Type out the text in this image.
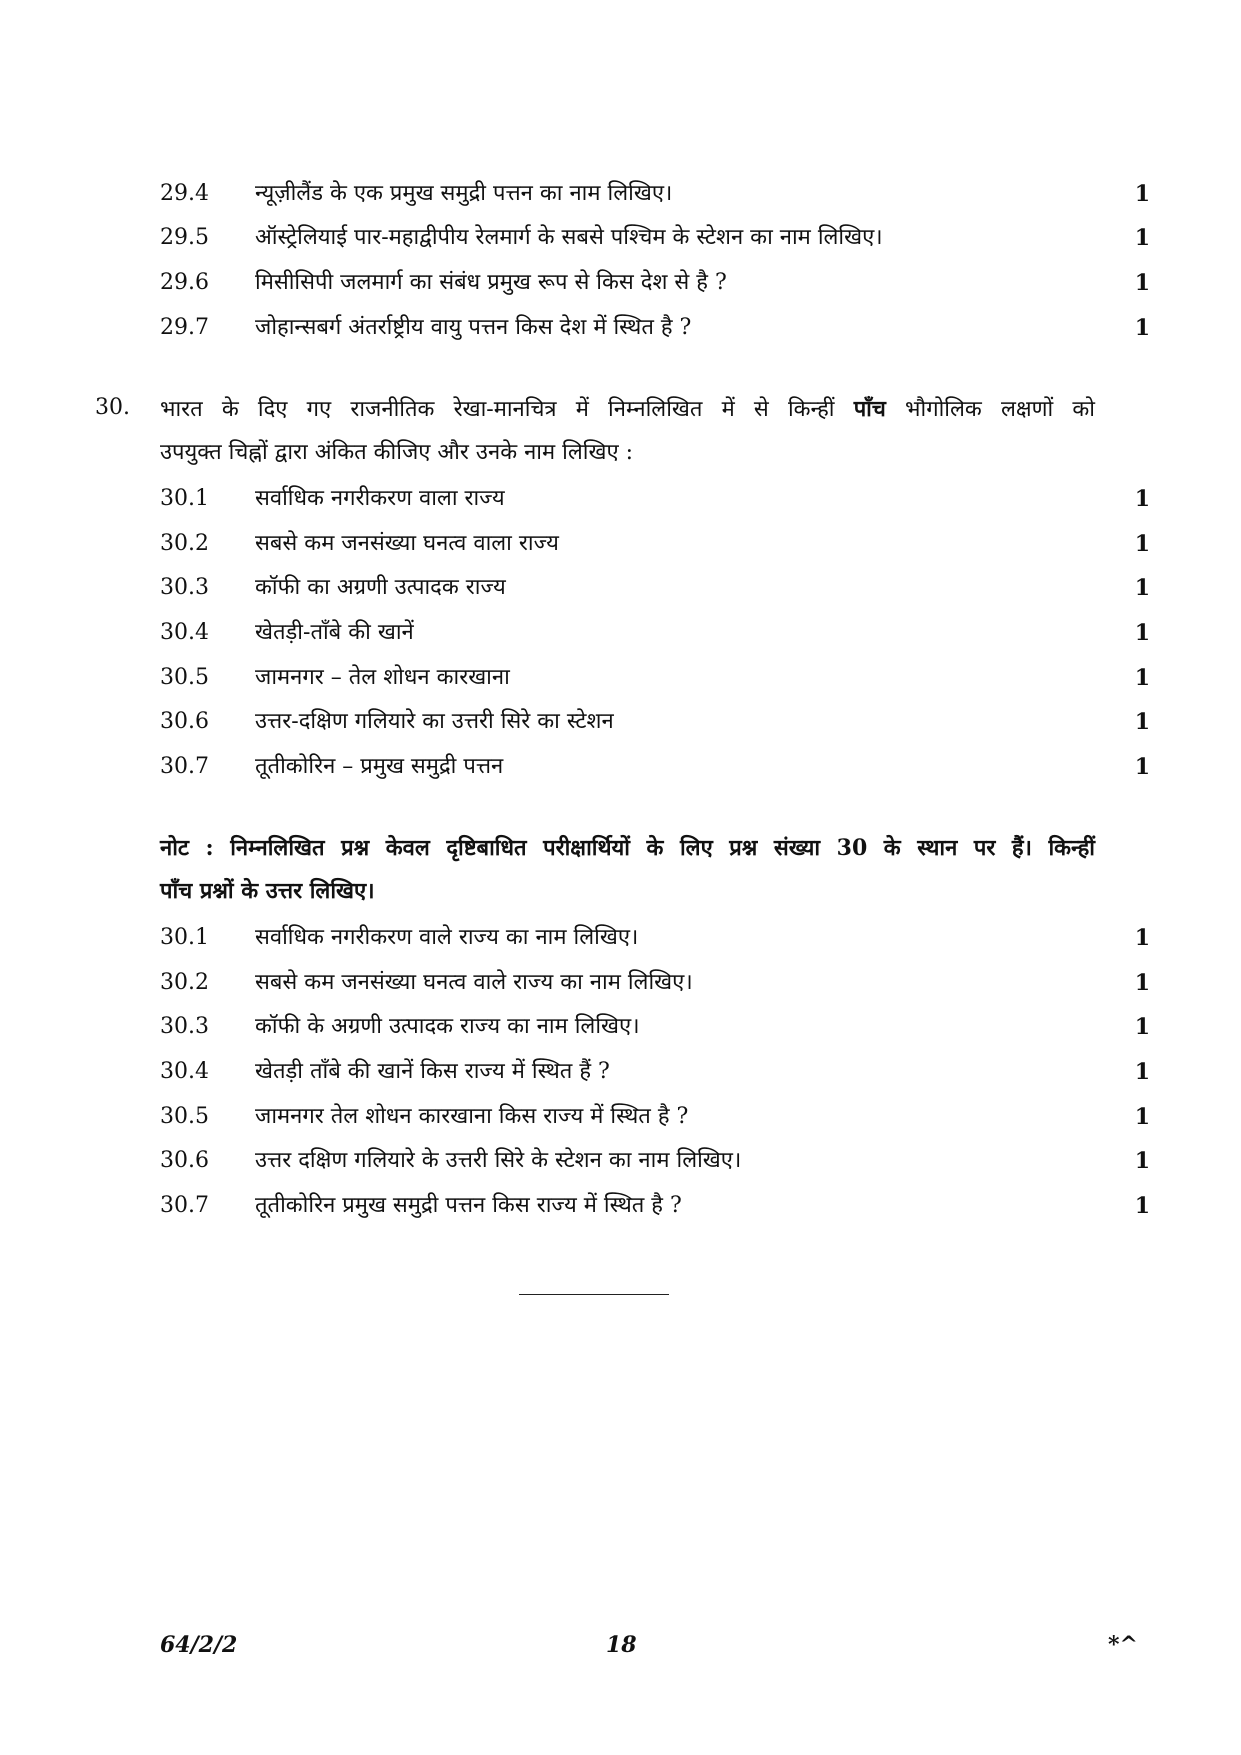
29.4 न्यूज़ीलैंड के एक प्रमुख समुद्री पत्तन का नाम लिखिए।	1
29.5 ऑस्ट्रेलियाई पार-महाद्वीपीय रेलमार्ग के सबसे पश्चिम के स्टेशन का नाम लिखिए।	1
29.6 मिसीसिपी जलमार्ग का संबंध प्रमुख रूप से किस देश से है ?	1
29.7 जोहान्सबर्ग अंतर्राष्ट्रीय वायु पत्तन किस देश में स्थित है ?	1
30. भारत के दिए गए राजनीतिक रेखा-मानचित्र में निम्नलिखित में से किन्हीं पाँच भौगोलिक लक्षणों को
उपयुक्त चिह्नों द्वारा अंकित कीजिए और उनके नाम लिखिए :
30.1 सर्वाधिक नगरीकरण वाला राज्य	1
30.2 सबसे कम जनसंख्या घनत्व वाला राज्य	1
30.3 कॉफी का अग्रणी उत्पादक राज्य	1
30.4 खेतड़ी-ताँबे की खानें	1
30.5 जामनगर – तेल शोधन कारखाना	1
30.6 उत्तर-दक्षिण गलियारे का उत्तरी सिरे का स्टेशन	1
30.7 तूतीकोरिन – प्रमुख समुद्री पत्तन	1
नोट : निम्नलिखित प्रश्न केवल दृष्टिबाधित परीक्षार्थियों के लिए प्रश्न संख्या 30 के स्थान पर हैं। किन्हीं
पाँच प्रश्नों के उत्तर लिखिए।
30.1 सर्वाधिक नगरीकरण वाले राज्य का नाम लिखिए।	1
30.2 सबसे कम जनसंख्या घनत्व वाले राज्य का नाम लिखिए।	1
30.3 कॉफी के अग्रणी उत्पादक राज्य का नाम लिखिए।	1
30.4 खेतड़ी ताँबे की खानें किस राज्य में स्थित हैं ?	1
30.5 जामनगर तेल शोधन कारखाना किस राज्य में स्थित है ?	1
30.6 उत्तर दक्षिण गलियारे के उत्तरी सिरे के स्टेशन का नाम लिखिए।	1
30.7 तूतीकोरिन प्रमुख समुद्री पत्तन किस राज्य में स्थित है ?	1
64/2/2	18	*^
